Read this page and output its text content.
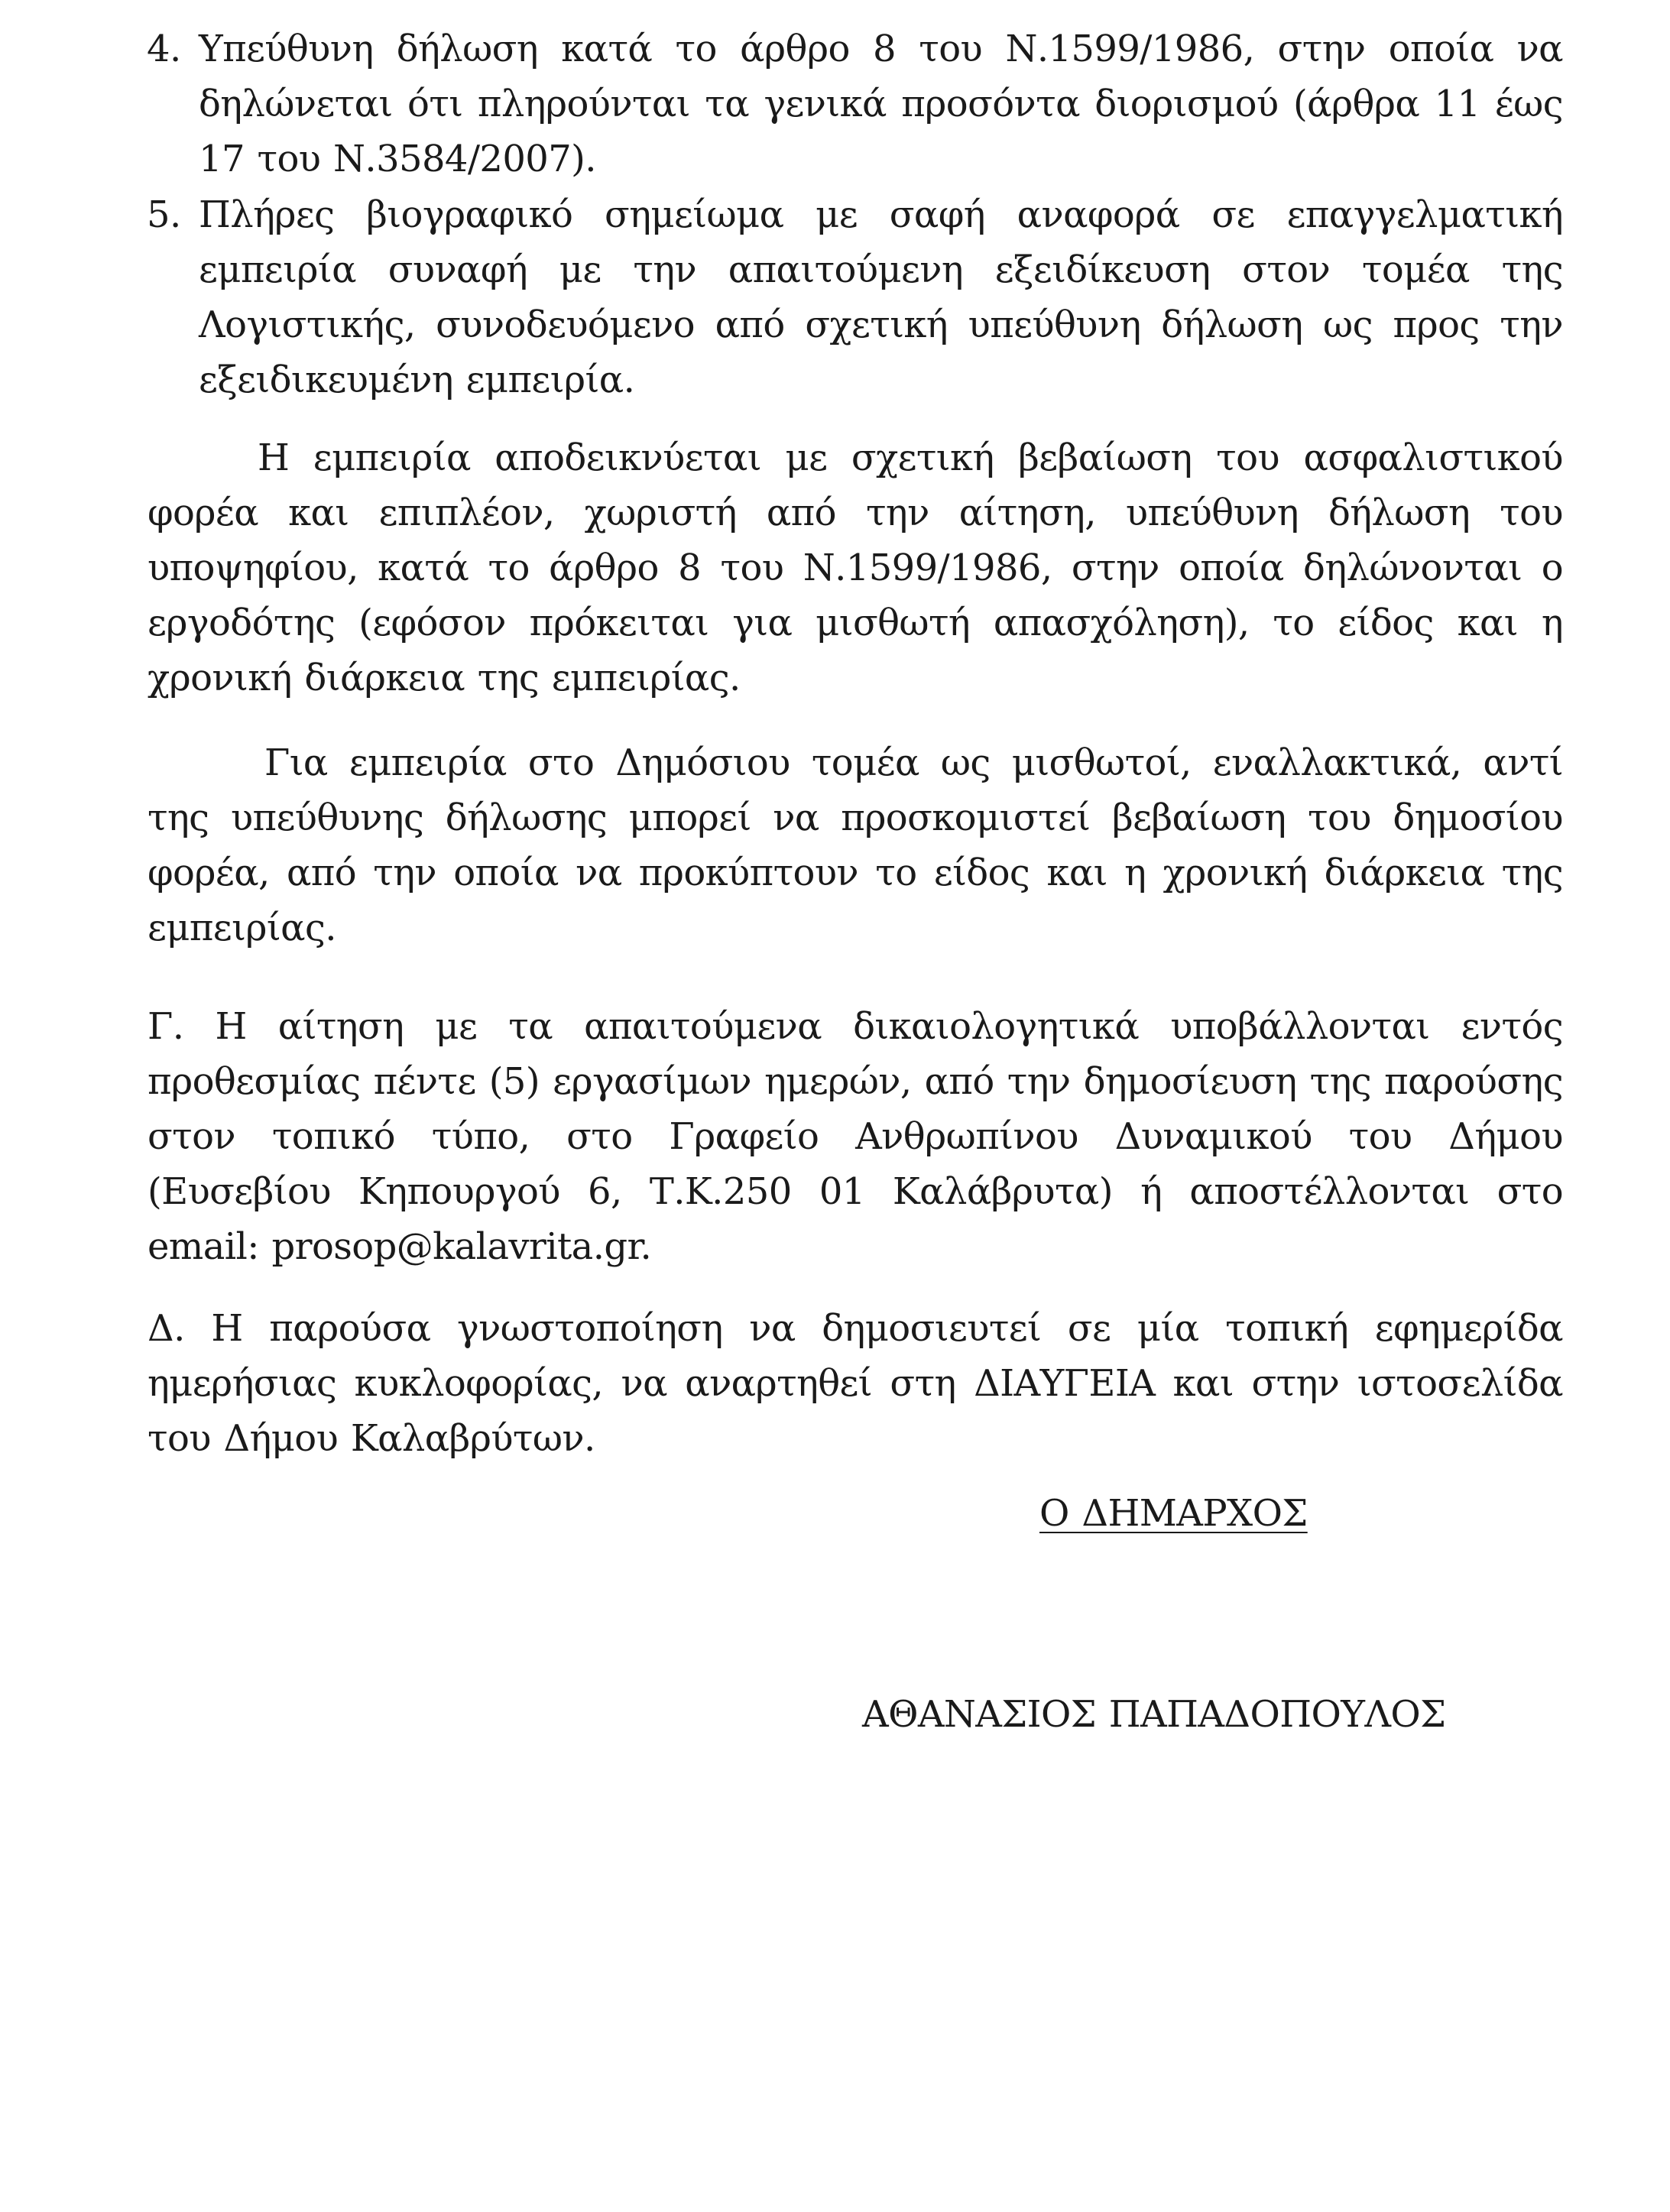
4. Υπεύθυνη δήλωση κατά το άρθρο 8 του Ν.1599/1986, στην οποία να δηλώνεται ότι πληρούνται τα γενικά προσόντα διορισμού (άρθρα 11 έως 17 του Ν.3584/2007).
5. Πλήρες βιογραφικό σημείωμα με σαφή αναφορά σε επαγγελματική εμπειρία συναφή με την απαιτούμενη εξειδίκευση στον τομέα της Λογιστικής, συνοδευόμενο από σχετική υπεύθυνη δήλωση ως προς την εξειδικευμένη εμπειρία.

Η εμπειρία αποδεικνύεται με σχετική βεβαίωση του ασφαλιστικού φορέα και επιπλέον, χωριστή από την αίτηση, υπεύθυνη δήλωση του υποψηφίου, κατά το άρθρο 8 του Ν.1599/1986, στην οποία δηλώνονται ο εργοδότης (εφόσον πρόκειται για μισθωτή απασχόληση), το είδος και η χρονική διάρκεια της εμπειρίας.

Για εμπειρία στο Δημόσιου τομέα ως μισθωτοί, εναλλακτικά, αντί της υπεύθυνης δήλωσης μπορεί να προσκομιστεί βεβαίωση του δημοσίου φορέα, από την οποία να προκύπτουν το είδος και η χρονική διάρκεια της εμπειρίας.

Γ. Η αίτηση με τα απαιτούμενα δικαιολογητικά υποβάλλονται εντός προθεσμίας πέντε (5) εργασίμων ημερών, από την δημοσίευση της παρούσης στον τοπικό τύπο, στο Γραφείο Ανθρωπίνου Δυναμικού του Δήμου (Ευσεβίου Κηπουργού 6, Τ.Κ.250 01 Καλάβρυτα) ή αποστέλλονται στο email: prosop@kalavrita.gr.

Δ. Η παρούσα γνωστοποίηση να δημοσιευτεί σε μία τοπική εφημερίδα ημερήσιας κυκλοφορίας, να αναρτηθεί στη ΔΙΑΥΓΕΙΑ και στην ιστοσελίδα του Δήμου Καλαβρύτων.

Ο ΔΗΜΑΡΧΟΣ
ΑΘΑΝΑΣΙΟΣ ΠΑΠΑΔΟΠΟΥΛΟΣ
